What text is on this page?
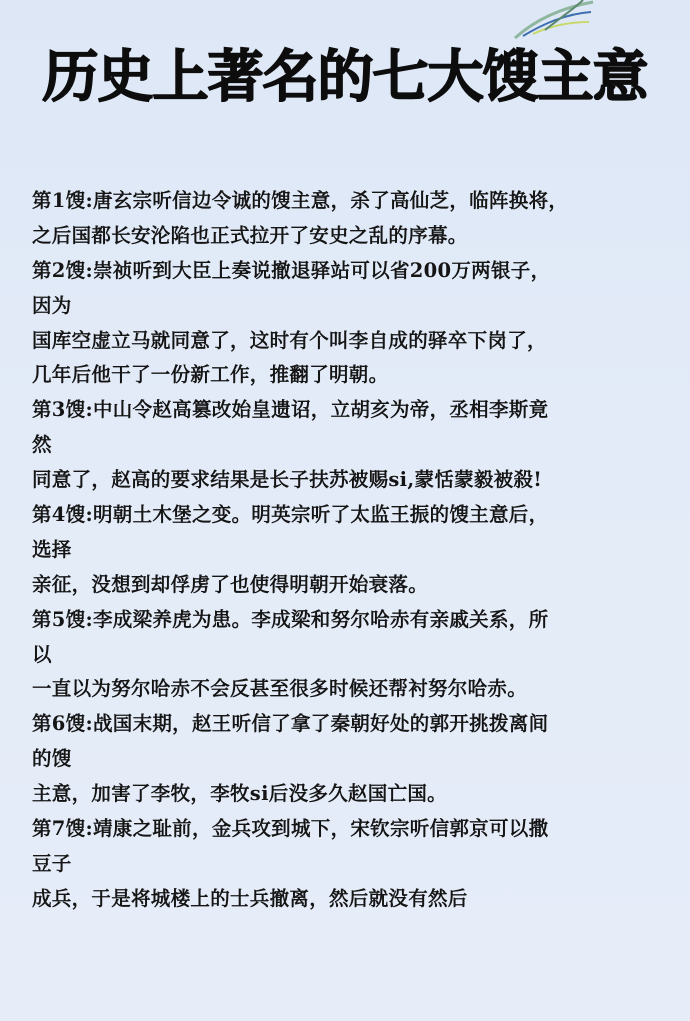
历史上著名的七大馊主意
第1馊:唐玄宗听信边令诚的馊主意，杀了高仙芝，临阵换将，
之后国都长安沦陷也正式拉开了安史之乱的序幕。
第2馊:崇祯听到大臣上奏说撤退驿站可以省200万两银子，
因为
国库空虚立马就同意了，这时有个叫李自成的驿卒下岗了，
几年后他干了一份新工作，推翻了明朝。
第3馊:中山令赵高篡改始皇遗诏，立胡亥为帝，丞相李斯竟
然
同意了，赵高的要求结果是长子扶苏被赐si,蒙恬蒙毅被殺!
第4馊:明朝土木堡之变。明英宗听了太监王振的馊主意后，
选择
亲征，没想到却俘虏了也使得明朝开始衰落。
第5馊:李成梁养虎为患。李成梁和努尔哈赤有亲戚关系，所
以
一直以为努尔哈赤不会反甚至很多时候还帮衬努尔哈赤。
第6馊:战国末期，赵王听信了拿了秦朝好处的郭开挑拨离间
的馊
主意，加害了李牧，李牧si后没多久赵国亡国。
第7馊:靖康之耻前，金兵攻到城下，宋钦宗听信郭京可以撒
豆子
成兵，于是将城楼上的士兵撤离，然后就没有然后
